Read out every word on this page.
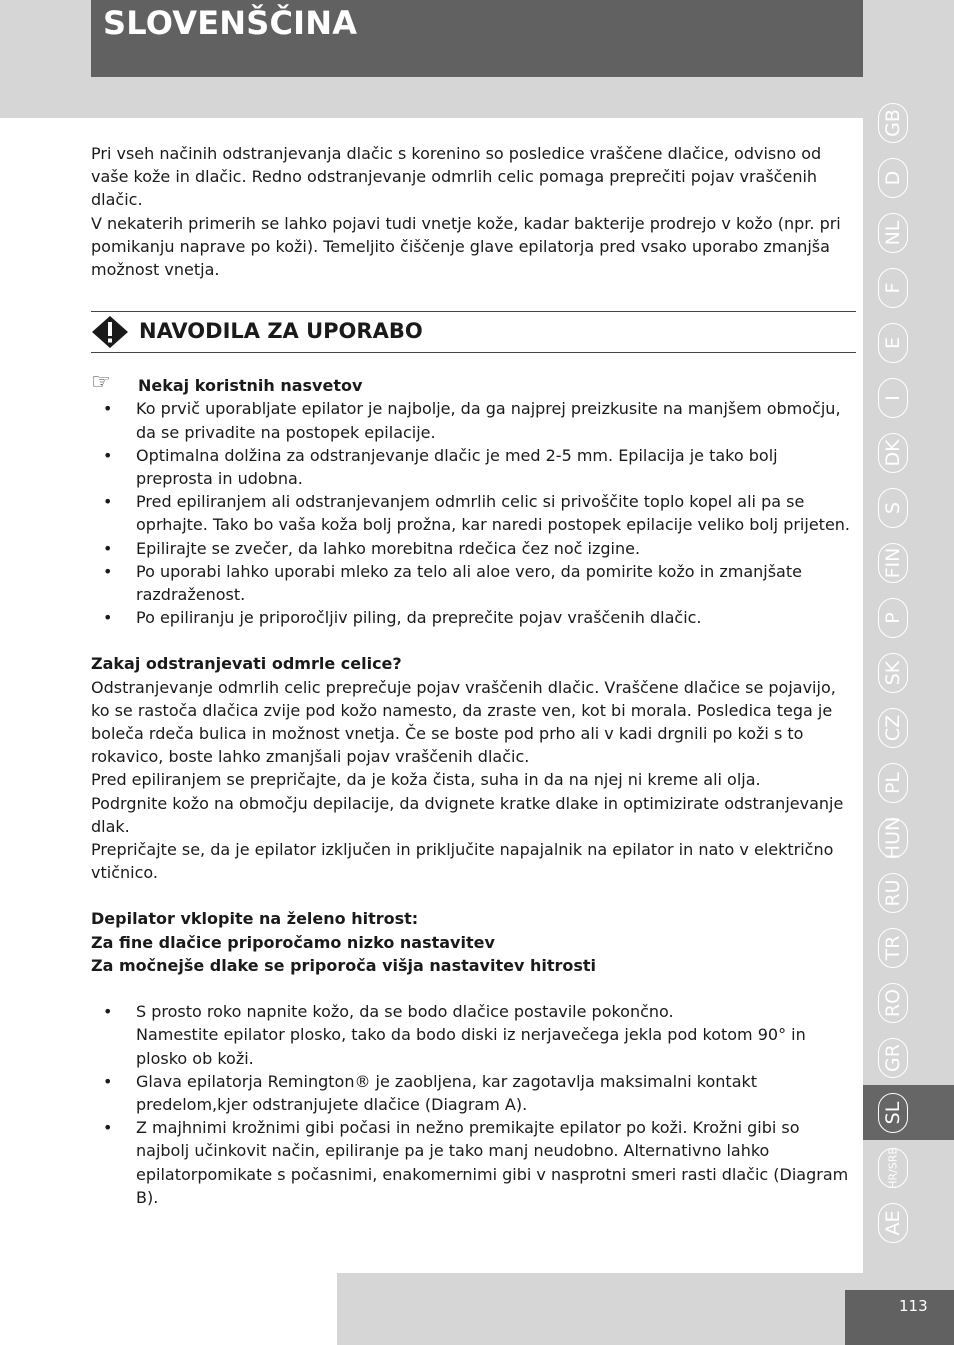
SLOVENŠČINA

Pri vseh načinih odstranjevanja dlačic s korenino so posledice vraščene dlačice, odvisno od vaše kože in dlačic. Redno odstranjevanje odmrlih celic pomaga preprečiti pojav vraščenih dlačic.

V nekaterih primerih se lahko pojavi tudi vnetje kože, kadar bakterije prodrejo v kožo (npr. pri pomikanju naprave po koži). Temeljito čiščenje glave epilatorja pred vsako uporabo zmanjša možnost vnetja.

NAVODILA ZA UPORABO
☞ Nekaj koristnih nasvetov
• Ko prvič uporabljate epilator je najbolje, da ga najprej preizkusite na manjšem območju, da se privadite na postopek epilacije.
• Optimalna dolžina za odstranjevanje dlačic je med 2-5 mm. Epilacija je tako bolj preprosta in udobna.
• Pred epiliranjem ali odstranjevanjem odmrlih celic si privoščite toplo kopel ali pa se oprhajte. Tako bo vaša koža bolj prožna, kar naredi postopek epilacije veliko bolj prijeten.
• Epilirajte se zvečer, da lahko morebitna rdečica čez noč izgine.
• Po uporabi lahko uporabi mleko za telo ali aloe vero, da pomirite kožo in zmanjšate razdraženost.
• Po epiliranju je priporočljiv piling, da preprečite pojav vraščenih dlačic.

Zakaj odstranjevati odmrle celice?

Odstranjevanje odmrlih celic preprečuje pojav vraščenih dlačic. Vraščene dlačice se pojavijo, ko se rastoča dlačica zvije pod kožo namesto, da zraste ven, kot bi morala. Posledica tega je boleča rdeča bulica in možnost vnetja. Če se boste pod prho ali v kadi drgnili po koži s to rokavico, boste lahko zmanjšali pojav vraščenih dlačic.

Pred epiliranjem se prepričajte, da je koža čista, suha in da na njej ni kreme ali olja.

Podrgnite kožo na območju depilacije, da dvignete kratke dlake in optimizirate odstranjevanje dlak.

Prepričajte se, da je epilator izključen in priključite napajalnik na epilator in nato v električno vtičnico.

Depilator vklopite na želeno hitrost:

Za fine dlačice priporočamo nizko nastavitev

Za močnejše dlake se priporoča višja nastavitev hitrosti

• S prosto roko napnite kožo, da se bodo dlačice postavile pokončno.
Namestite epilator plosko, tako da bodo diski iz nerjavečega jekla pod kotom 90° in plosko ob koži.
• Glava epilatorja Remington® je zaobljena, kar zagotavlja maksimalni kontakt predelom,kjer odstranjujete dlačice (Diagram A).
• Z majhnimi krožnimi gibi počasi in nežno premikajte epilator po koži. Krožni gibi so najbolj učinkovit način, epiliranje pa je tako manj neudobno. Alternativno lahko epilatorpomikate s počasnimi, enakomernimi gibi v nasprotni smeri rasti dlačic (Diagram B).
GB
D
NL
F
E
I
DK
S
FIN
P
SK
CZ
PL
HUN
RU
TR
RO
GR
SL
HR/SRB
AE
113
